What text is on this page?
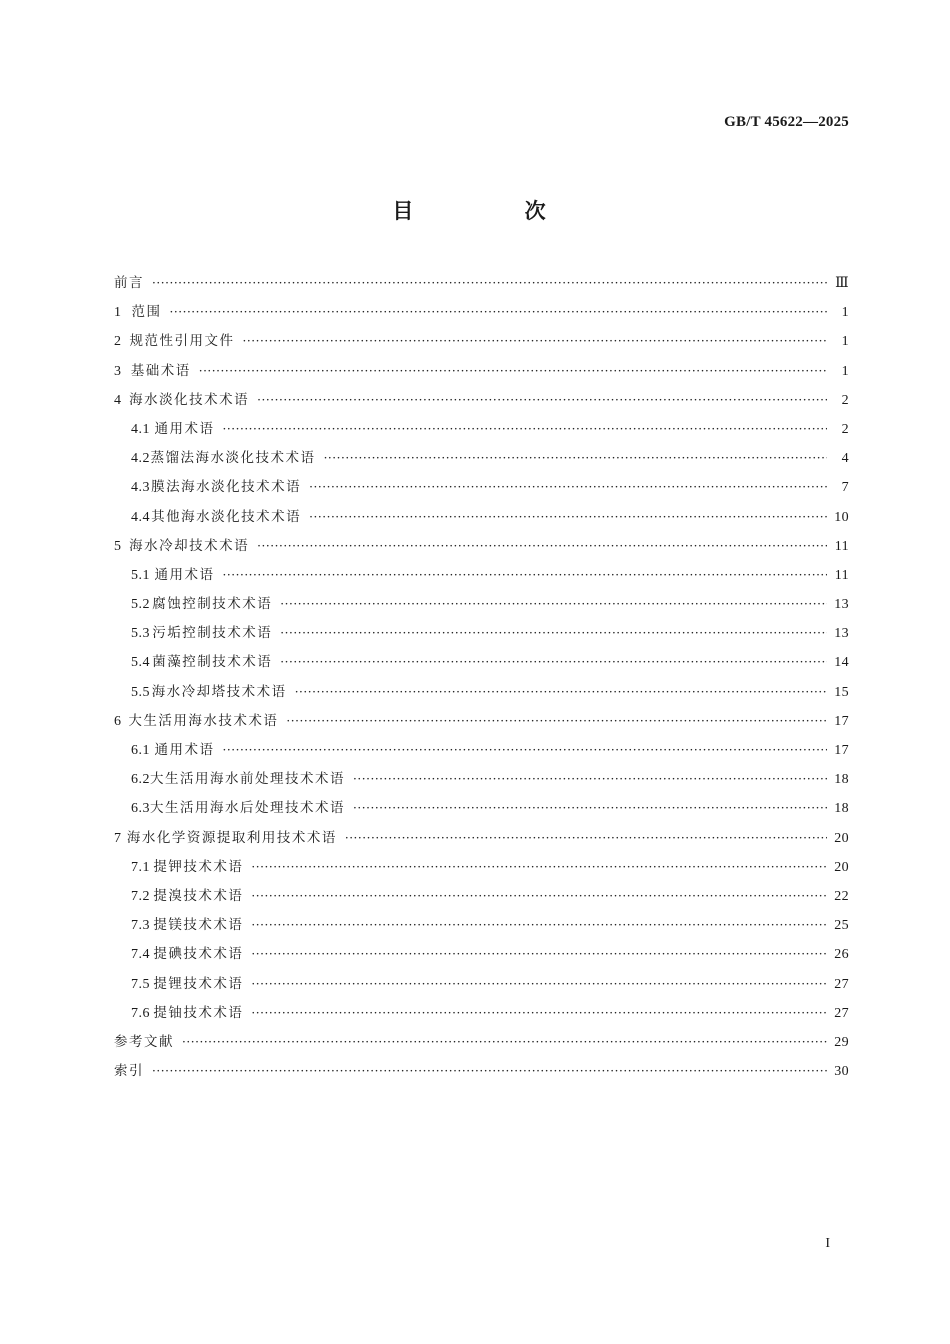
GB/T 45622—2025
目 次
前言 ·····	Ⅲ
1 范围 ·····	1
2 规范性引用文件 ·····	1
3 基础术语 ·····	1
4 海水淡化技术术语 ·····	2
4.1 通用术语 ·····	2
4.2 蒸馏法海水淡化技术术语 ·····	4
4.3 膜法海水淡化技术术语 ·····	7
4.4 其他海水淡化技术术语 ·····	10
5 海水冷却技术术语 ·····	11
5.1 通用术语 ·····	11
5.2 腐蚀控制技术术语 ·····	13
5.3 污垢控制技术术语 ·····	13
5.4 菌藻控制技术术语 ·····	14
5.5 海水冷却塔技术术语 ·····	15
6 大生活用海水技术术语 ·····	17
6.1 通用术语 ·····	17
6.2 大生活用海水前处理技术术语 ·····	18
6.3 大生活用海水后处理技术术语 ·····	18
7 海水化学资源提取利用技术术语 ·····	20
7.1 提钾技术术语 ·····	20
7.2 提溴技术术语 ·····	22
7.3 提镁技术术语 ·····	25
7.4 提碘技术术语 ·····	26
7.5 提锂技术术语 ·····	27
7.6 提铀技术术语 ·····	27
参考文献 ·····	29
索引 ·····	30
I
